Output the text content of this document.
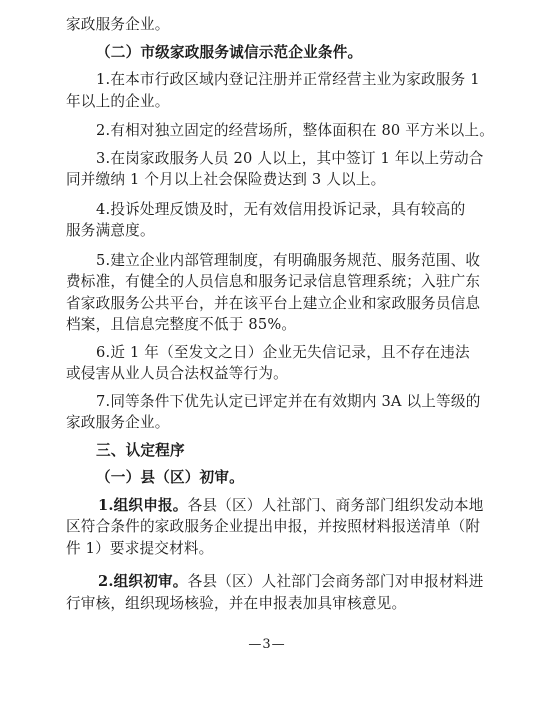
家政服务企业。
（二）市级家政服务诚信示范企业条件。
1.在本市行政区域内登记注册并正常经营主业为家政服务 1
年以上的企业。
2.有相对独立固定的经营场所，整体面积在 80 平方米以上。
3.在岗家政服务人员 20 人以上，其中签订 1 年以上劳动合
同并缴纳 1 个月以上社会保险费达到 3 人以上。
4.投诉处理反馈及时，无有效信用投诉记录，具有较高的
服务满意度。
5.建立企业内部管理制度，有明确服务规范、服务范围、收
费标准，有健全的人员信息和服务记录信息管理系统；入驻广东
省家政服务公共平台，并在该平台上建立企业和家政服务员信息
档案，且信息完整度不低于 85%。
6.近 1 年（至发文之日）企业无失信记录，且不存在违法
或侵害从业人员合法权益等行为。
7.同等条件下优先认定已评定并在有效期内 3A 以上等级的
家政服务企业。
三、认定程序
（一）县（区）初审。
1.组织申报。各县（区）人社部门、商务部门组织发动本地
区符合条件的家政服务企业提出申报，并按照材料报送清单（附
件 1）要求提交材料。
2.组织初审。各县（区）人社部门会商务部门对申报材料进
行审核，组织现场核验，并在申报表加具审核意见。
—3—
